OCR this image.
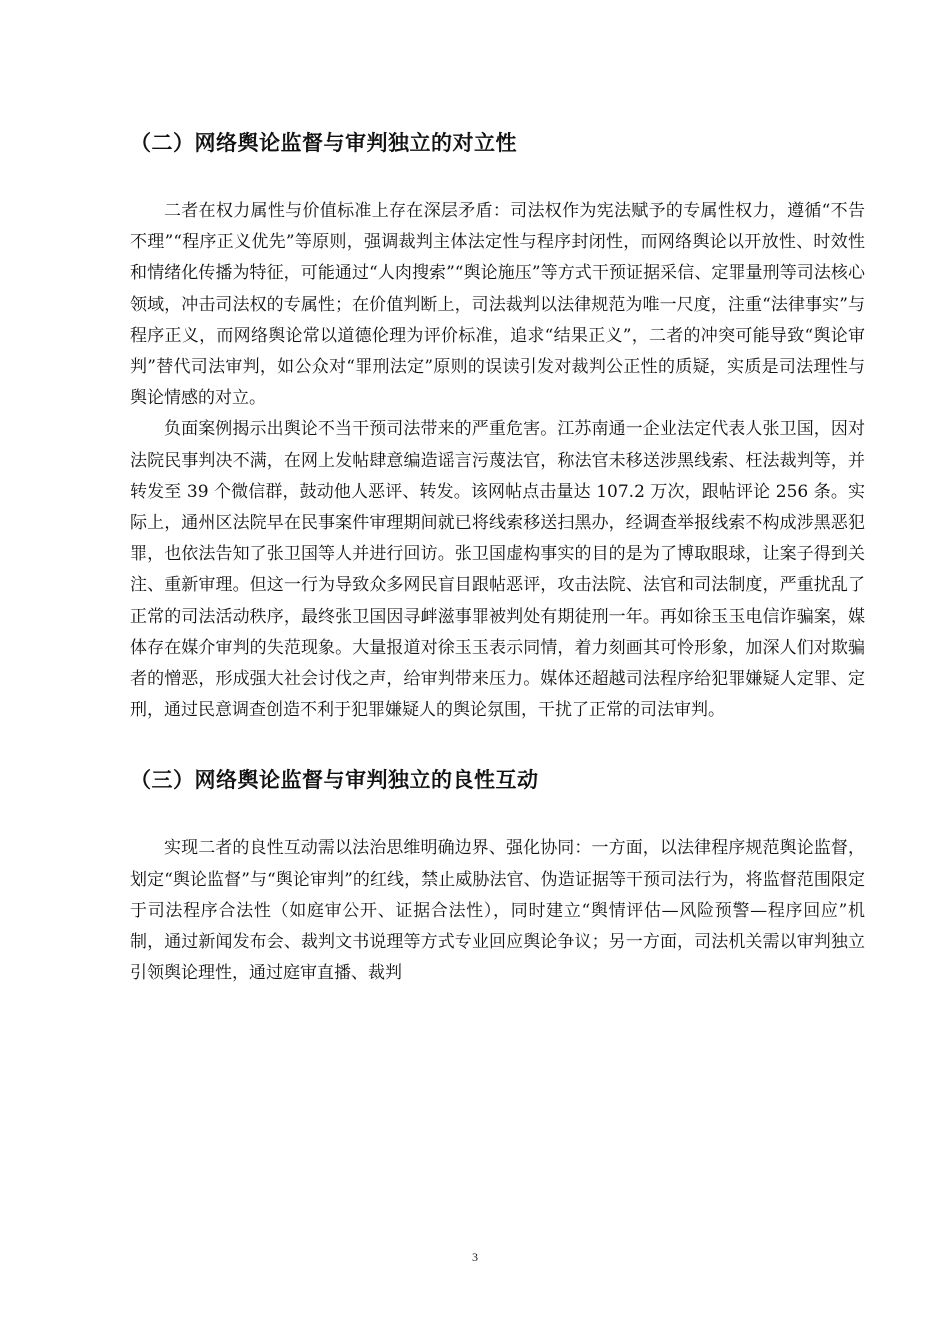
（二）网络舆论监督与审判独立的对立性

二者在权力属性与价值标准上存在深层矛盾：司法权作为宪法赋予的专属性权力，遵循“不告不理”“程序正义优先”等原则，强调裁判主体法定性与程序封闭性，而网络舆论以开放性、时效性和情绪化传播为特征，可能通过“人肉搜索”“舆论施压”等方式干预证据采信、定罪量刑等司法核心领域，冲击司法权的专属性；在价值判断上，司法裁判以法律规范为唯一尺度，注重“法律事实”与程序正义，而网络舆论常以道德伦理为评价标准，追求“结果正义”，二者的冲突可能导致“舆论审判”替代司法审判，如公众对“罪刑法定”原则的误读引发对裁判公正性的质疑，实质是司法理性与舆论情感的对立。

负面案例揭示出舆论不当干预司法带来的严重危害。江苏南通一企业法定代表人张卫国，因对法院民事判决不满，在网上发帖肆意编造谣言污蔑法官，称法官未移送涉黑线索、枉法裁判等，并转发至 39 个微信群，鼓动他人恶评、转发。该网帖点击量达 107.2 万次，跟帖评论 256 条。实际上，通州区法院早在民事案件审理期间就已将线索移送扫黑办，经调查举报线索不构成涉黑恶犯罪，也依法告知了张卫国等人并进行回访。张卫国虚构事实的目的是为了博取眼球，让案子得到关注、重新审理。但这一行为导致众多网民盲目跟帖恶评，攻击法院、法官和司法制度，严重扰乱了正常的司法活动秩序，最终张卫国因寻衅滋事罪被判处有期徒刑一年。再如徐玉玉电信诈骗案，媒体存在媒介审判的失范现象。大量报道对徐玉玉表示同情，着力刻画其可怜形象，加深人们对欺骗者的憎恶，形成强大社会讨伐之声，给审判带来压力。媒体还超越司法程序给犯罪嫌疑人定罪、定刑，通过民意调查创造不利于犯罪嫌疑人的舆论氛围，干扰了正常的司法审判。

（三）网络舆论监督与审判独立的良性互动

实现二者的良性互动需以法治思维明确边界、强化协同：一方面，以法律程序规范舆论监督，划定“舆论监督”与“舆论审判”的红线，禁止威胁法官、伪造证据等干预司法行为，将监督范围限定于司法程序合法性（如庭审公开、证据合法性），同时建立“舆情评估—风险预警—程序回应”机制，通过新闻发布会、裁判文书说理等方式专业回应舆论争议；另一方面，司法机关需以审判独立引领舆论理性，通过庭审直播、裁判

3
